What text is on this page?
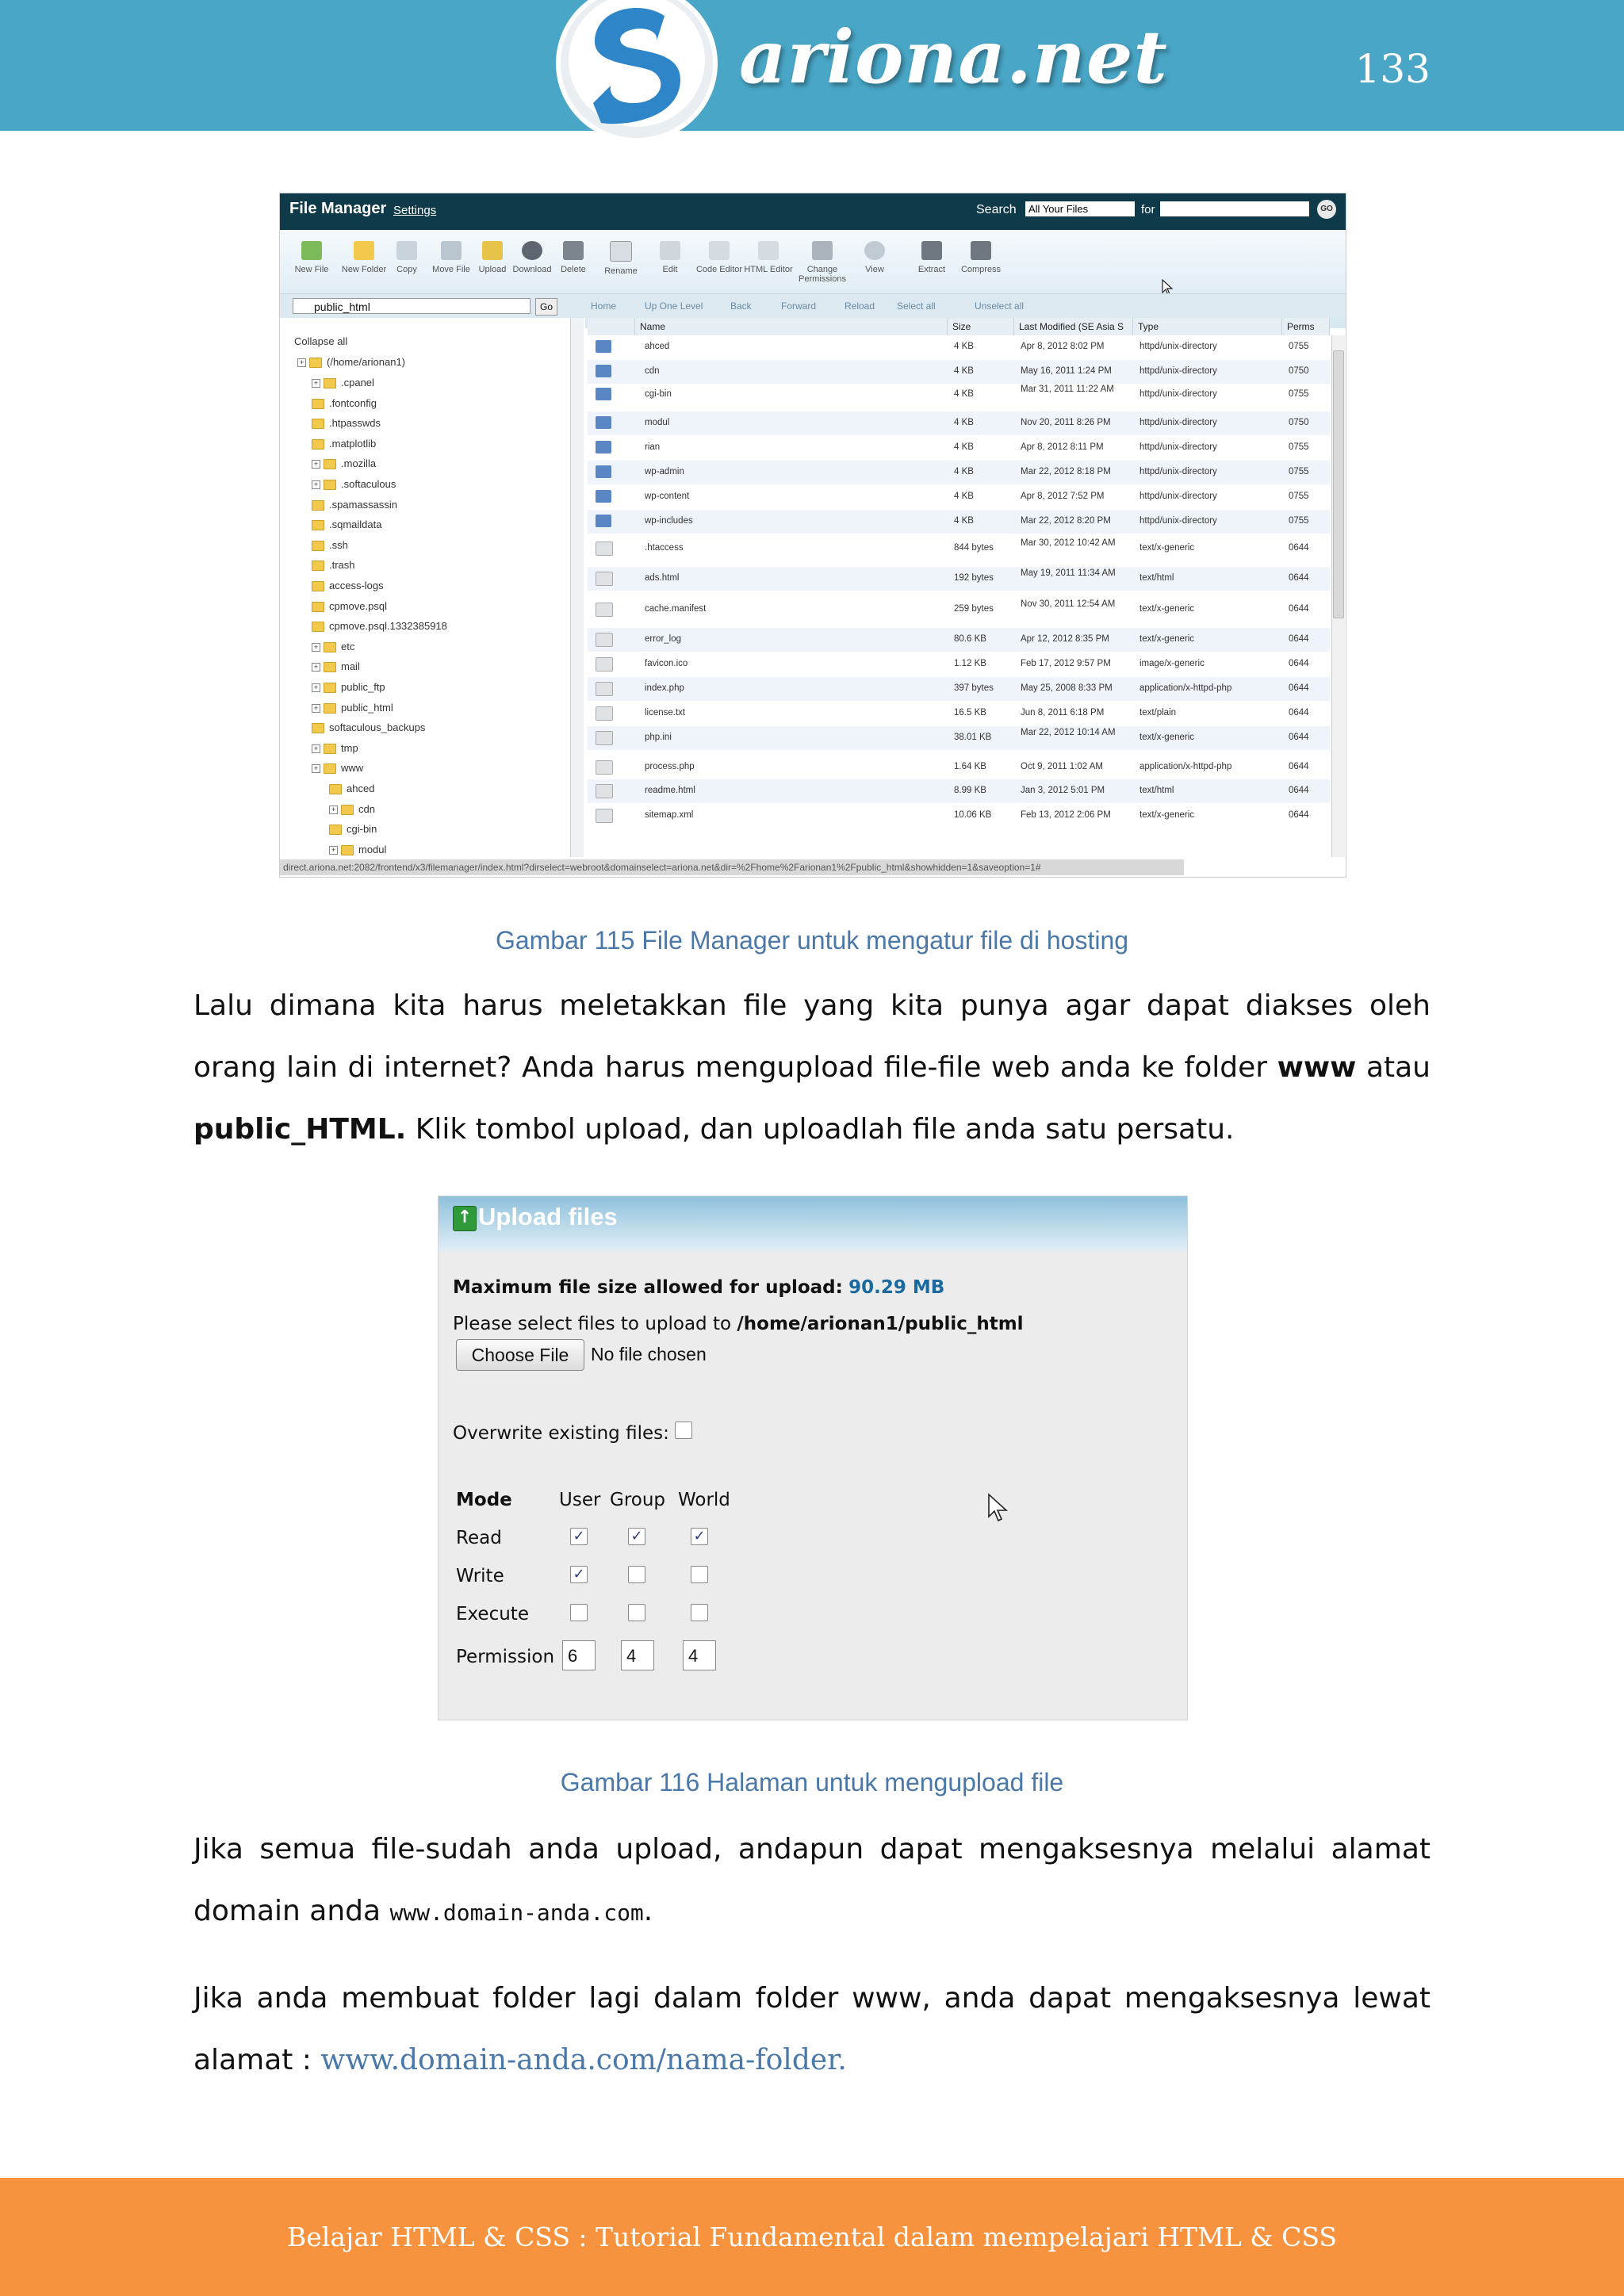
ariona.net	133
File Manager Settings	Search	All Your Files	for	GO
New File	New Folder	Copy	Move File Upload Download	Delete	Rename	Edit	Code Editor HTML Editor	Change Permissions
View	Extract	Compress
public_html	Go	Home	Up One Level	Back	Forward	Reload Select all	Unselect all
Collapse all
+ (/home/arionan1)
+ .cpanel
.fontconfig
.htpasswds
.matplotlib
+ .mozilla
+ .softaculous
.spamassassin
.sqmaildata
.ssh
.trash
access-logs
cpmove.psql
cpmove.psql.1332385918
+ etc
+ mail
+ public_ftp
+ public_html
softaculous_backups
+ tmp
+ www
ahced
+ cdn
cgi-bin
+ modul
Name	Size	Last Modified (SE Asia S	Type	Perms
ahced	4 KB	Apr 8, 2012 8:02 PM	httpd/unix-directory	0755
cdn	4 KB	May 16, 2011 1:24 PM	httpd/unix-directory	0750
cgi-bin	4 KB	Mar 31, 2011 11:22 AM	httpd/unix-directory	0755
modul	4 KB	Nov 20, 2011 8:26 PM	httpd/unix-directory	0750
rian	4 KB	Apr 8, 2012 8:11 PM	httpd/unix-directory	0755
wp-admin	4 KB	Mar 22, 2012 8:18 PM	httpd/unix-directory	0755
wp-content	4 KB	Apr 8, 2012 7:52 PM	httpd/unix-directory	0755
wp-includes	4 KB	Mar 22, 2012 8:20 PM	httpd/unix-directory	0755
.htaccess	844 bytes	Mar 30, 2012 10:42 AM	text/x-generic	0644
ads.html	192 bytes	May 19, 2011 11:34 AM	text/html	0644
cache.manifest	259 bytes	Nov 30, 2011 12:54 AM	text/x-generic	0644
error_log	80.6 KB	Apr 12, 2012 8:35 PM	text/x-generic	0644
favicon.ico	1.12 KB	Feb 17, 2012 9:57 PM	image/x-generic	0644
index.php	397 bytes	May 25, 2008 8:33 PM	application/x-httpd-php	0644
license.txt	16.5 KB	Jun 8, 2011 6:18 PM	text/plain	0644
php.ini	38.01 KB	Mar 22, 2012 10:14 AM	text/x-generic	0644
process.php	1.64 KB	Oct 9, 2011 1:02 AM	application/x-httpd-php	0644
readme.html	8.99 KB	Jan 3, 2012 5:01 PM	text/html	0644
sitemap.xml	10.06 KB	Feb 13, 2012 2:06 PM	text/x-generic	0644
direct.ariona.net:2082/frontend/x3/filemanager/index.html?dirselect=webroot&domainselect=ariona.net&dir=%2Fhome%2Farionan1%2Fpublic_html&showhidden=1&saveoption=1#
Gambar 115 File Manager untuk mengatur file di hosting
Lalu dimana kita harus meletakkan file yang kita punya agar dapat diakses oleh orang lain di internet? Anda harus mengupload file-file web anda ke folder www atau public_HTML. Klik tombol upload, dan uploadlah file anda satu persatu.
↑ Upload files
Maximum file size allowed for upload: 90.29 MB
Please select files to upload to /home/arionan1/public_html
Choose File	No file chosen
Overwrite existing files:
Mode	User Group World
Read	✓	✓	✓
Write	✓
Execute
Permission 6	4	4
Gambar 116 Halaman untuk mengupload file
Jika semua file-sudah anda upload, andapun dapat mengaksesnya melalui alamat domain anda www.domain-anda.com.
Jika anda membuat folder lagi dalam folder www, anda dapat mengaksesnya lewat alamat : www.domain-anda.com/nama-folder.
Belajar HTML & CSS : Tutorial Fundamental dalam mempelajari HTML & CSS
